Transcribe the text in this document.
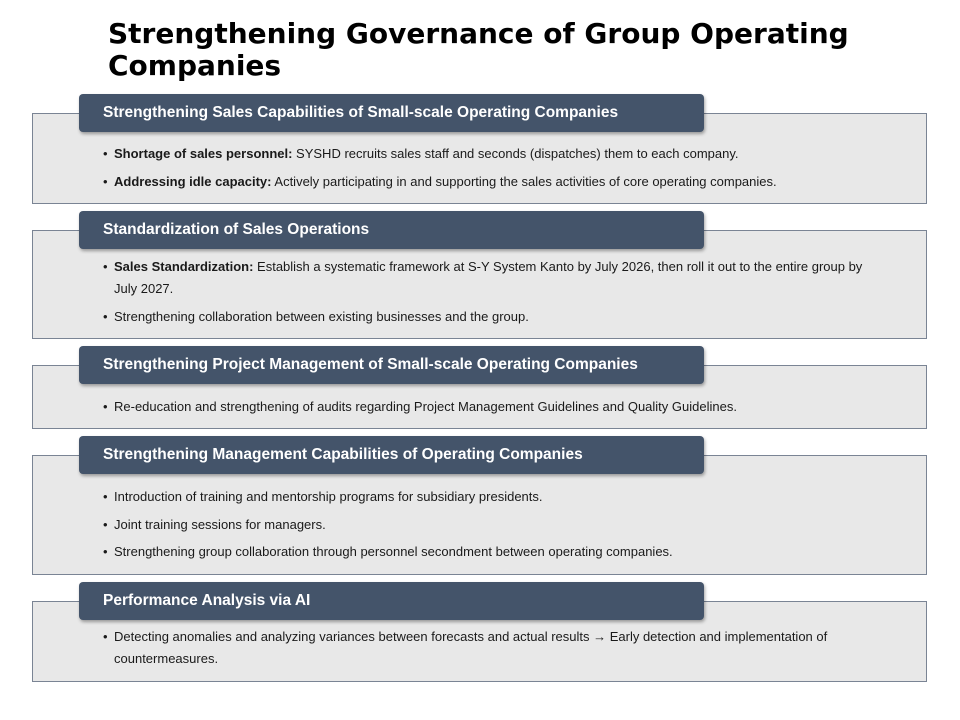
Strengthening Governance of Group Operating Companies
Strengthening Sales Capabilities of Small-scale Operating Companies
• Shortage of sales personnel: SYSHD recruits sales staff and seconds (dispatches) them to each company.
• Addressing idle capacity: Actively participating in and supporting the sales activities of core operating companies.
Standardization of Sales Operations
• Sales Standardization: Establish a systematic framework at S-Y System Kanto by July 2026, then roll it out to the entire group by July 2027.
• Strengthening collaboration between existing businesses and the group.
Strengthening Project Management of Small-scale Operating Companies
• Re-education and strengthening of audits regarding Project Management Guidelines and Quality Guidelines.
Strengthening Management Capabilities of Operating Companies
• Introduction of training and mentorship programs for subsidiary presidents.
• Joint training sessions for managers.
• Strengthening group collaboration through personnel secondment between operating companies.
Performance Analysis via AI
• Detecting anomalies and analyzing variances between forecasts and actual results → Early detection and implementation of countermeasures.
